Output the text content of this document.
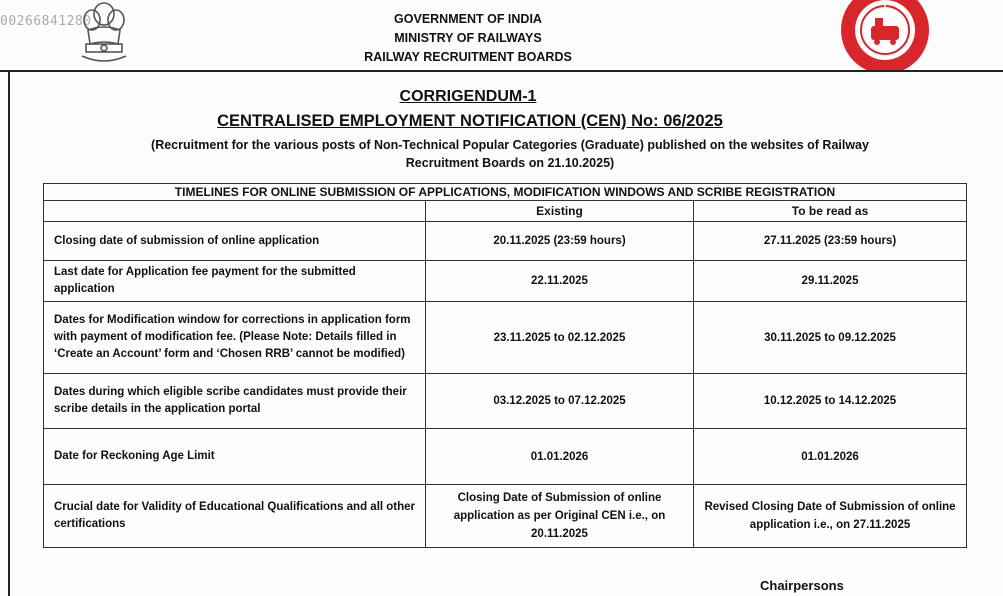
00266841280	GOVERNMENT OF INDIA
MINISTRY OF RAILWAYS
RAILWAY RECRUITMENT BOARDS
CORRIGENDUM-1
CENTRALISED EMPLOYMENT NOTIFICATION (CEN) No: 06/2025
(Recruitment for the various posts of Non-Technical Popular Categories (Graduate) published on the websites of Railway
Recruitment Boards on 21.10.2025)
TIMELINES FOR ONLINE SUBMISSION OF APPLICATIONS, MODIFICATION WINDOWS AND SCRIBE REGISTRATION		
	Existing	To be read as
Closing date of submission of online application	20.11.2025 (23:59 hours)	27.11.2025 (23:59 hours)
Last date for Application fee payment for the submitted application	22.11.2025	29.11.2025
Dates for Modification window for corrections in application form with payment of modification fee. (Please Note: Details filled in ‘Create an Account’ form and ‘Chosen RRB’ cannot be modified)	23.11.2025 to 02.12.2025	30.11.2025 to 09.12.2025
Dates during which eligible scribe candidates must provide their scribe details in the application portal	03.12.2025 to 07.12.2025	10.12.2025 to 14.12.2025
Date for Reckoning Age Limit	01.01.2026	01.01.2026
Crucial date for Validity of Educational Qualifications and all other certifications	Closing Date of Submission of online application as per Original CEN i.e., on 20.11.2025	Revised Closing Date of Submission of online application i.e., on 27.11.2025
Chairpersons
